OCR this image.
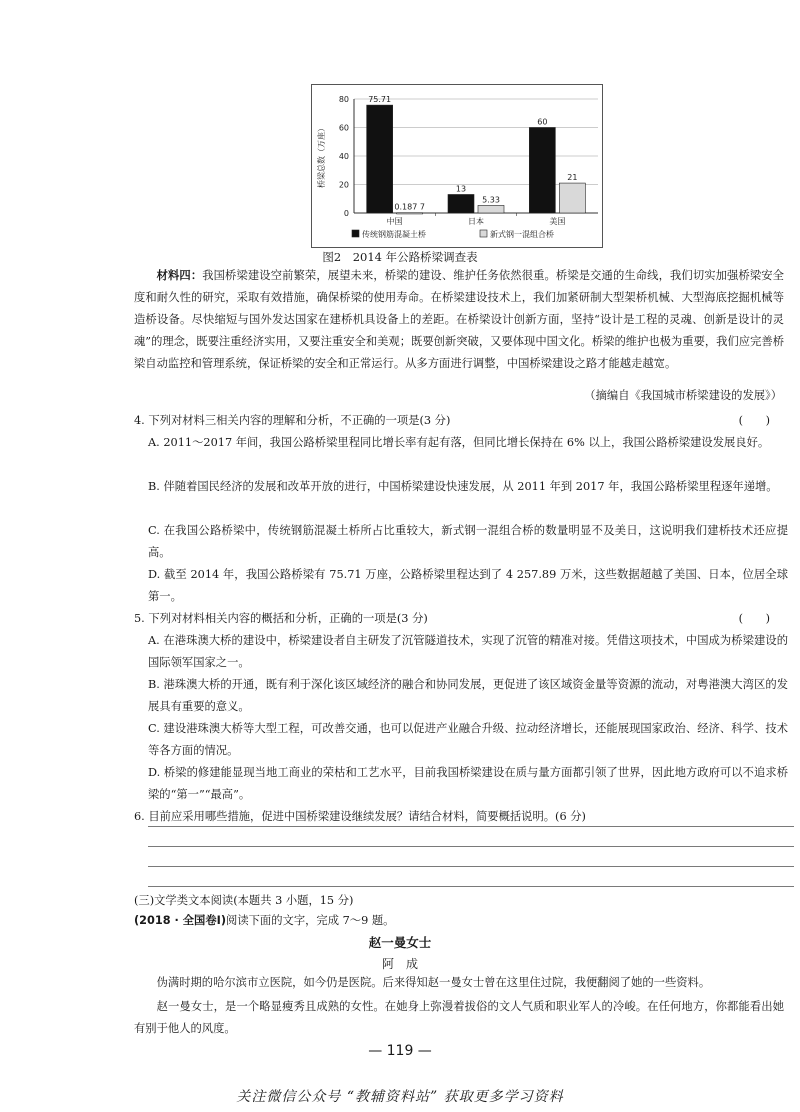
0
20
40
60
80
桥梁总数（万座）
75.71
0.187 7
中国
13
5.33
日本
60
21
美国
传统钢筋混凝土桥	新式钢一混组合桥
图2　2014 年公路桥梁调查表
材料四：我国桥梁建设空前繁荣，展望未来，桥梁的建设、维护任务依然很重。桥梁是交通的生命线，我们切实加强桥梁安全度和耐久性的研究，采取有效措施，确保桥梁的使用寿命。在桥梁建设技术上，我们加紧研制大型架桥机械、大型海底挖掘机械等造桥设备。尽快缩短与国外发达国家在建桥机具设备上的差距。在桥梁设计创新方面，坚持“设计是工程的灵魂、创新是设计的灵魂”的理念，既要注重经济实用，又要注重安全和美观；既要创新突破，又要体现中国文化。桥梁的维护也极为重要，我们应完善桥梁自动监控和管理系统，保证桥梁的安全和正常运行。从多方面进行调整，中国桥梁建设之路才能越走越宽。
（摘编自《我国城市桥梁建设的发展》）
4. 下列对材料三相关内容的理解和分析，不正确的一项是(3 分)	(　　)
A. 2011～2017 年间，我国公路桥梁里程同比增长率有起有落，但同比增长保持在 6% 以上，我国公路桥梁建设发展良好。
B. 伴随着国民经济的发展和改革开放的进行，中国桥梁建设快速发展，从 2011 年到 2017 年，我国公路桥梁里程逐年递增。
C. 在我国公路桥梁中，传统钢筋混凝土桥所占比重较大，新式钢一混组合桥的数量明显不及美日，这说明我们建桥技术还应提高。
D. 截至 2014 年，我国公路桥梁有 75.71 万座，公路桥梁里程达到了 4 257.89 万米，这些数据超越了美国、日本，位居全球第一。
5. 下列对材料相关内容的概括和分析，正确的一项是(3 分)	(　　)
A. 在港珠澳大桥的建设中，桥梁建设者自主研发了沉管隧道技术，实现了沉管的精准对接。凭借这项技术，中国成为桥梁建设的国际领军国家之一。
B. 港珠澳大桥的开通，既有利于深化该区域经济的融合和协同发展，更促进了该区域资金量等资源的流动，对粤港澳大湾区的发展具有重要的意义。
C. 建设港珠澳大桥等大型工程，可改善交通，也可以促进产业融合升级、拉动经济增长，还能展现国家政治、经济、科学、技术等各方面的情况。
D. 桥梁的修建能显现当地工商业的荣枯和工艺水平，目前我国桥梁建设在质与量方面都引领了世界，因此地方政府可以不追求桥梁的“第一”“最高”。
6. 目前应采用哪些措施，促进中国桥梁建设继续发展？请结合材料，简要概括说明。(6 分)
(三)文学类文本阅读(本题共 3 小题，15 分)
(2018 · 全国卷Ⅰ)阅读下面的文字，完成 7～9 题。
赵一曼女士
阿　成
伪满时期的哈尔滨市立医院，如今仍是医院。后来得知赵一曼女士曾在这里住过院，我便翻阅了她的一些资料。
赵一曼女士，是一个略显瘦秀且成熟的女性。在她身上弥漫着拔俗的文人气质和职业军人的冷峻。在任何地方，你都能看出她有别于他人的风度。
— 119 —
关注微信公众号 “教辅资料站” 获取更多学习资料
